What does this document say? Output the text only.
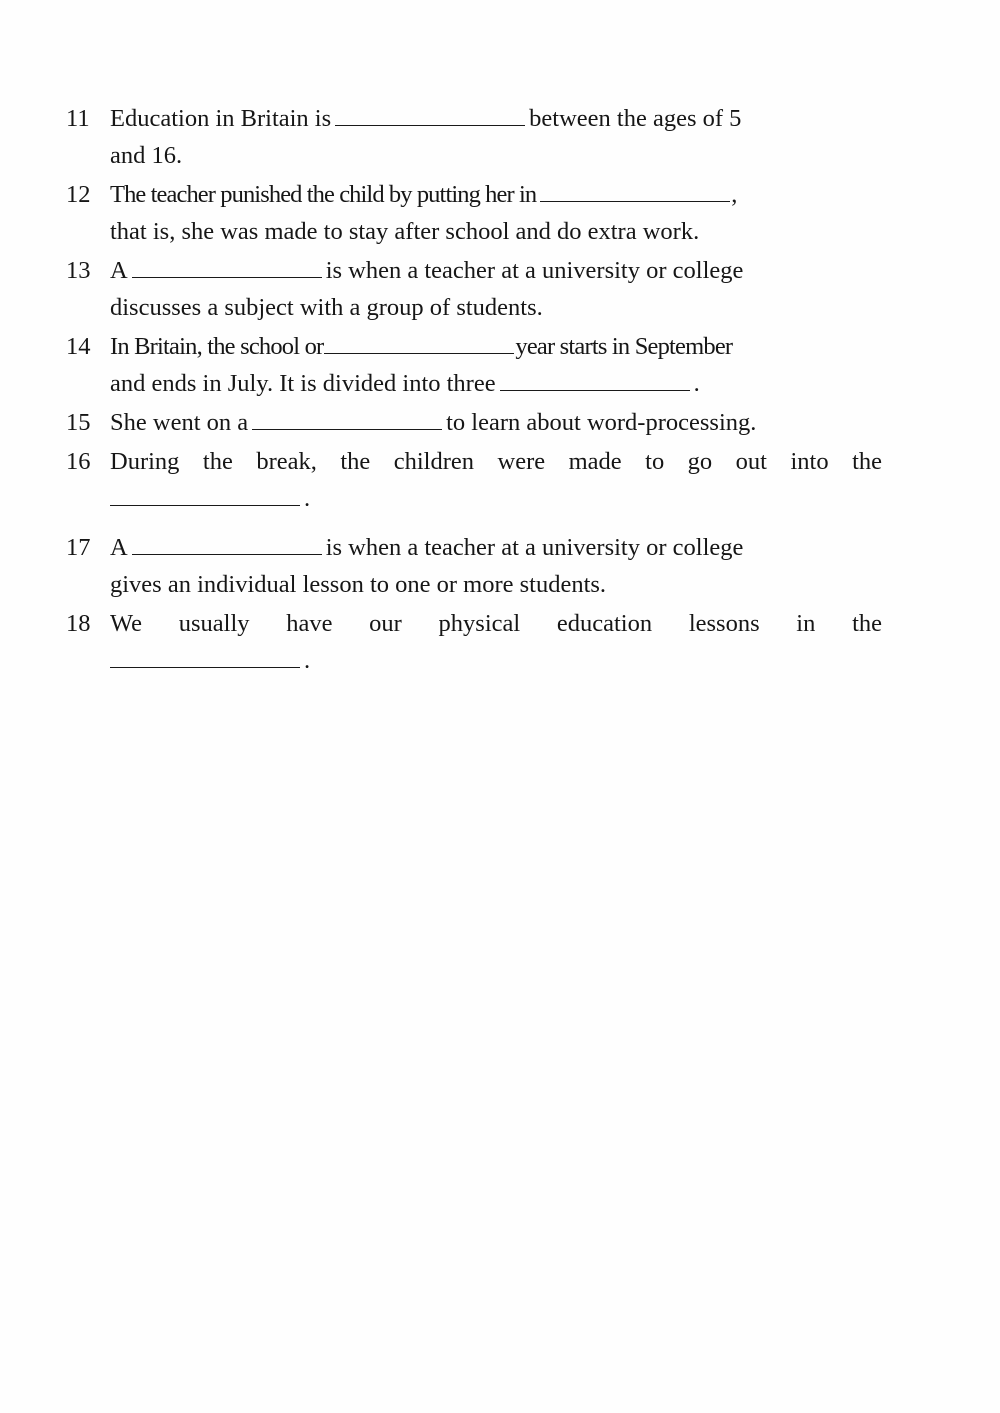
11 Education in Britain is	between the ages of 5
and 16.
12 The teacher punished the child by putting her in	,
that is, she was made to stay after school and do extra work.
13 A	is when a teacher at a university or college
discusses a subject with a group of students.
14 In Britain, the school or	year starts in September
and ends in July. It is divided into three	.
15 She went on a	to learn about word-processing.
16 During the break, the children were made to go out into the
.
17 A	is when a teacher at a university or college
gives an individual lesson to one or more students.
18 We usually have our physical education lessons in the
.
